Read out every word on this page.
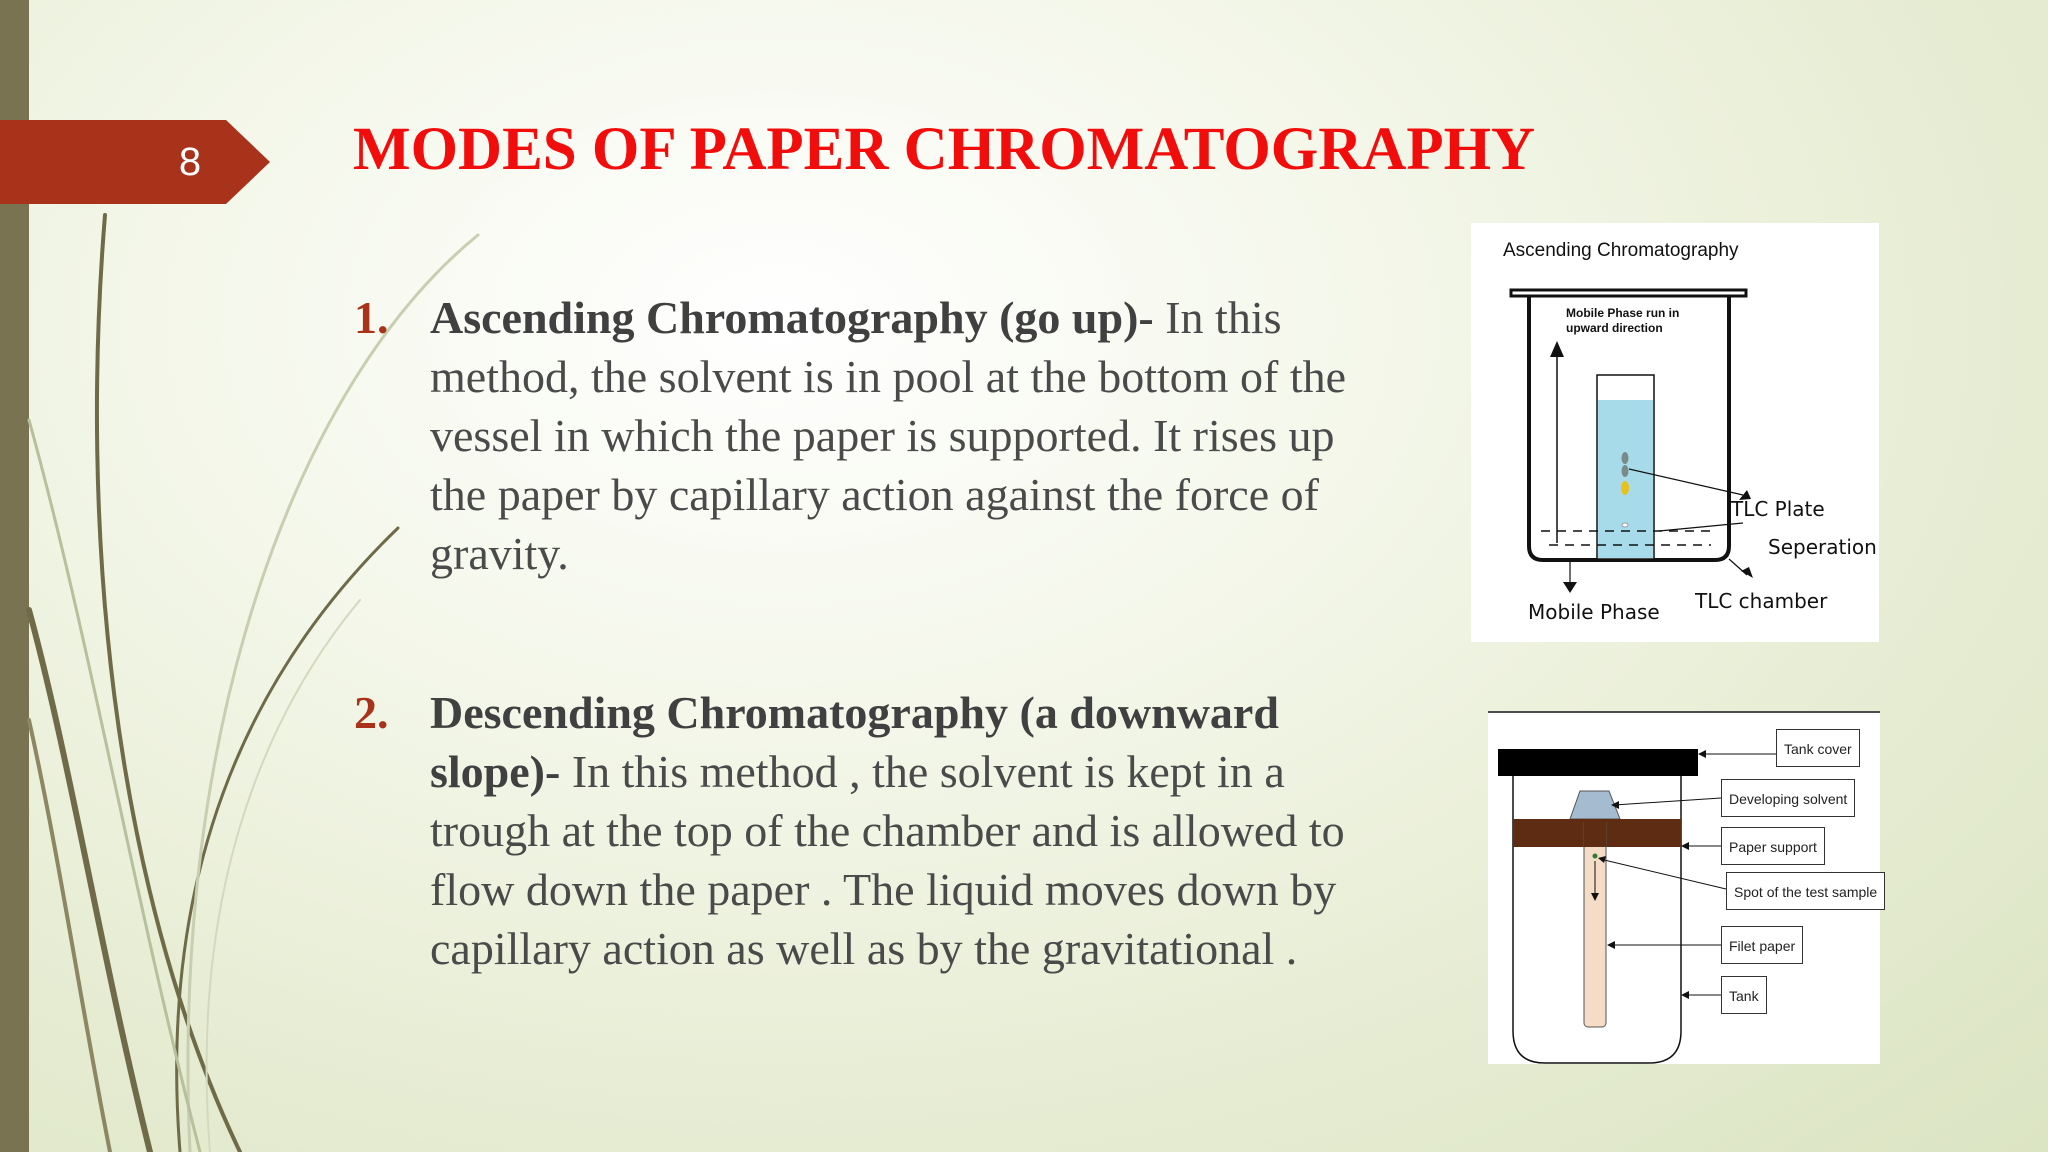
8	MODES OF PAPER CHROMATOGRAPHY
1. Ascending Chromatography (go up)- In this method, the solvent is in pool at the bottom of the vessel in which the paper is supported. It rises up the paper by capillary action against the force of gravity.
2. Descending Chromatography (a downward slope)- In this method , the solvent is kept in a trough at the top of the chamber and is allowed to flow down the paper . The liquid moves down by capillary action as well as by the gravitational .
Ascending Chromatography
Mobile Phase run in upward direction
TLC Plate
Seperation
TLC chamber
Mobile Phase
Tank cover
Developing solvent
Paper support
Spot of the test sample
Filet paper
Tank
